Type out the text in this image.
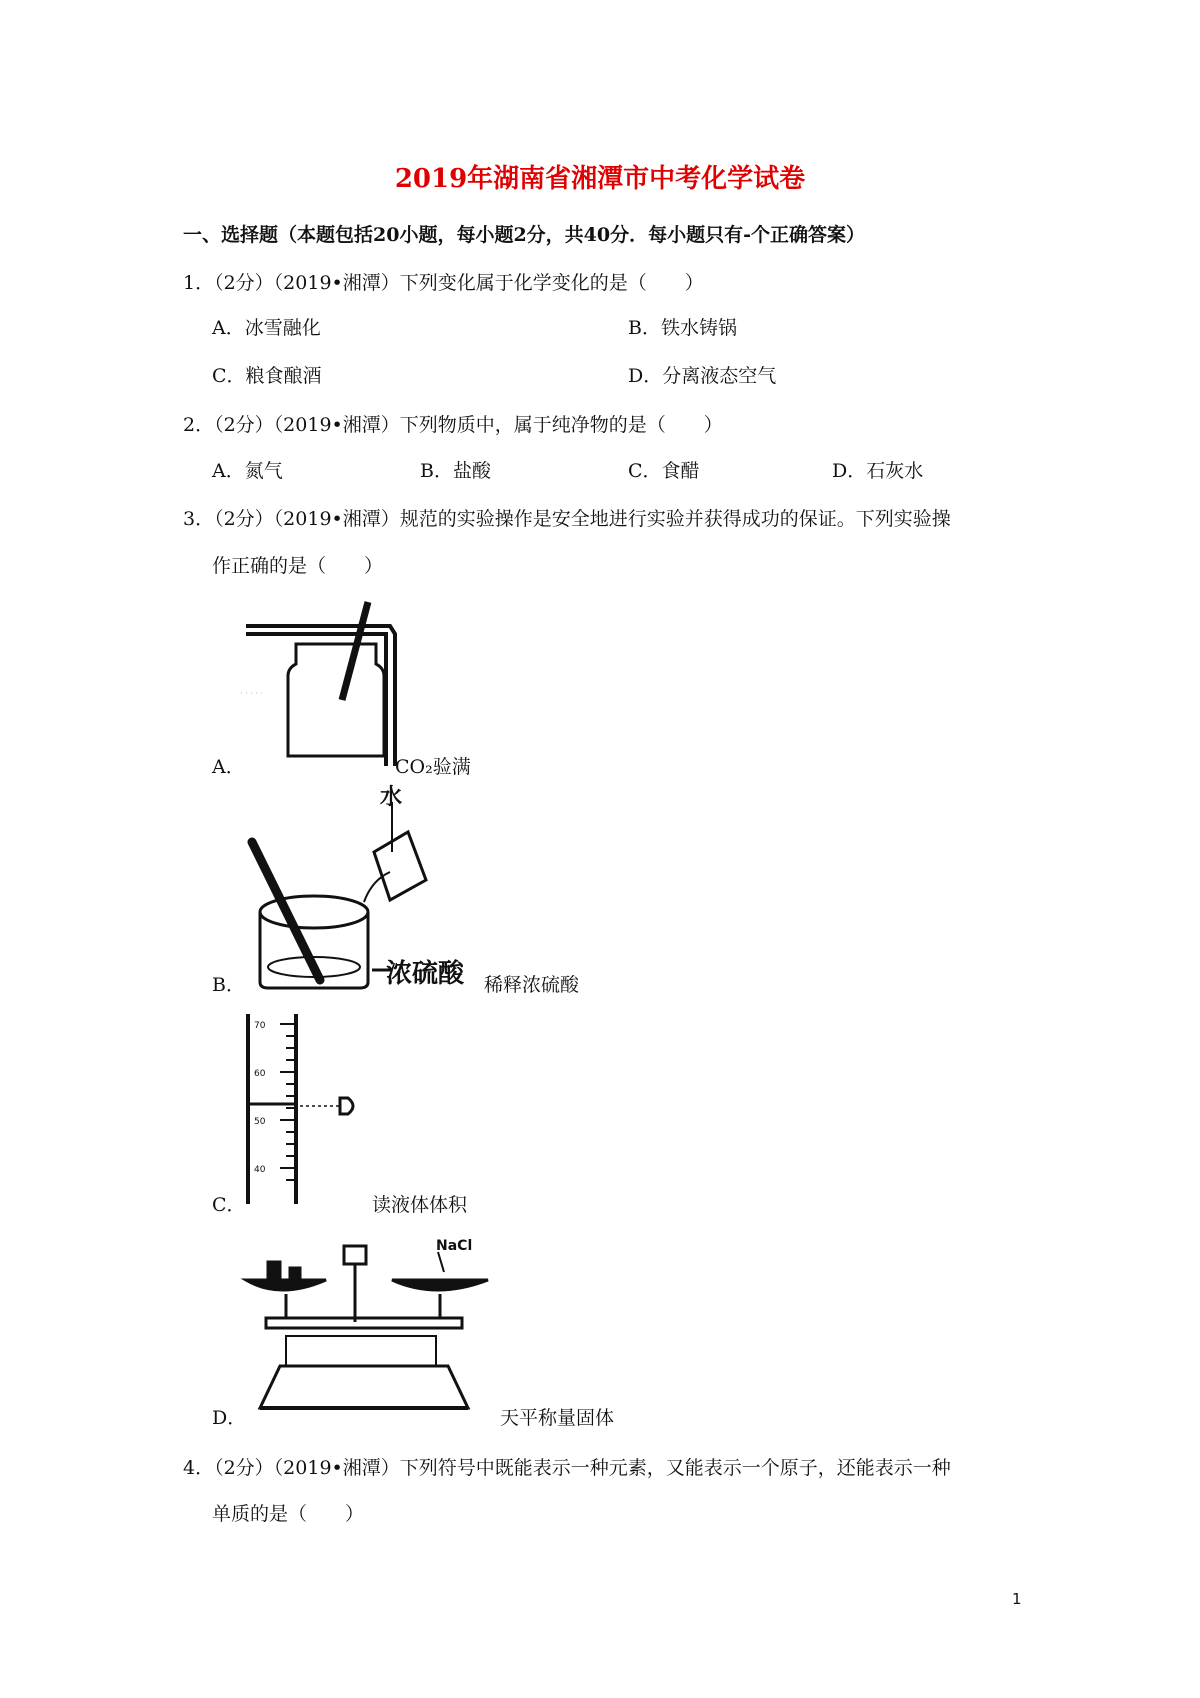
2019年湖南省湘潭市中考化学试卷
一、选择题（本题包括20小题，每小题2分，共40分．每小题只有-个正确答案）
1．（2分）（2019•湘潭）下列变化属于化学变化的是（　　）
A．冰雪融化	B．铁水铸锅
C．粮食酿酒	D．分离液态空气
2．（2分）（2019•湘潭）下列物质中，属于纯净物的是（　　）
A．氮气	B．盐酸	C．食醋	D．石灰水
3．（2分）（2019•湘潭）规范的实验操作是安全地进行实验并获得成功的保证。下列实验操
作正确的是（　　）
· · · · ·
A．	CO₂验满
水
浓硫酸
B．	稀释浓硫酸
70
60
50
40
C．	读液体体积
NaCl
D．	天平称量固体
4．（2分）（2019•湘潭）下列符号中既能表示一种元素，又能表示一个原子，还能表示一种
单质的是（　　）
1
